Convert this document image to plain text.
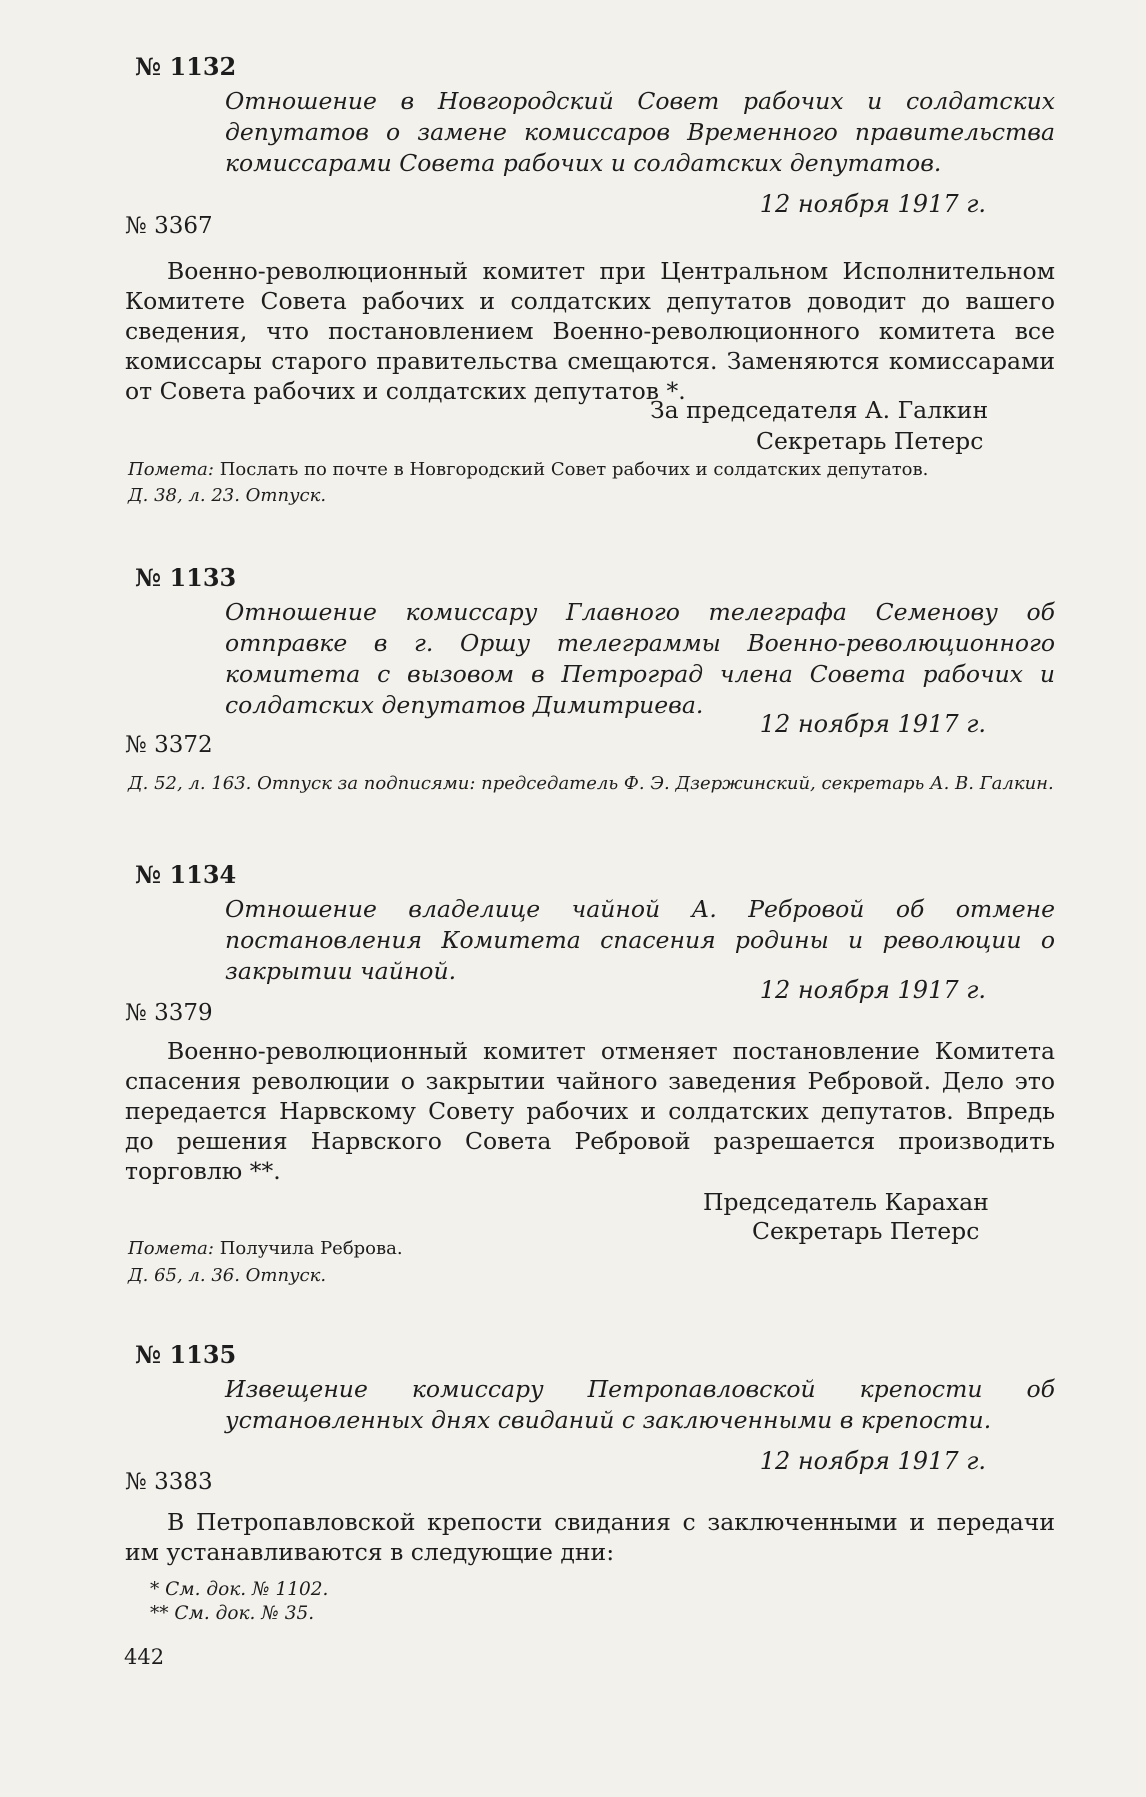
№ 1132
Отношение в Новгородский Совет рабочих и солдатских депутатов о замене комиссаров Временного правительства комиссарами Совета рабочих и солдатских депутатов.
12 ноября 1917 г.
№ 3367
Военно-революционный комитет при Центральном Исполнительном Комитете Совета рабочих и солдатских депутатов доводит до вашего сведения, что постановлением Военно-революционного комитета все комиссары старого правительства смещаются. Заменяются комиссарами от Совета рабочих и солдатских депутатов *.
За председателя А. Галкин
Секретарь Петерс
Помета: Послать по почте в Новгородский Совет рабочих и солдатских депутатов.
Д. 38, л. 23. Отпуск.
№ 1133
Отношение комиссару Главного телеграфа Семенову об отправке в г. Оршу телеграммы Военно-революционного комитета с вызовом в Петроград члена Совета рабочих и солдатских депутатов Димитриева.
12 ноября 1917 г.
№ 3372
Д. 52, л. 163. Отпуск за подписями: председатель Ф. Э. Дзержинский, секретарь А. В. Галкин.
№ 1134
Отношение владелице чайной А. Ребровой об отмене постановления Комитета спасения родины и революции о закрытии чайной.
12 ноября 1917 г.
№ 3379
Военно-революционный комитет отменяет постановление Комитета спасения революции о закрытии чайного заведения Ребровой. Дело это передается Нарвскому Совету рабочих и солдатских депутатов. Впредь до решения Нарвского Совета Ребровой разрешается производить торговлю **.
Председатель Карахан
Секретарь Петерс
Помета: Получила Реброва.
Д. 65, л. 36. Отпуск.
№ 1135
Извещение комиссару Петропавловской крепости об установленных днях свиданий с заключенными в крепости.
12 ноября 1917 г.
№ 3383
В Петропавловской крепости свидания с заключенными и передачи им устанавливаются в следующие дни:
* См. док. № 1102.
** См. док. № 35.
442
